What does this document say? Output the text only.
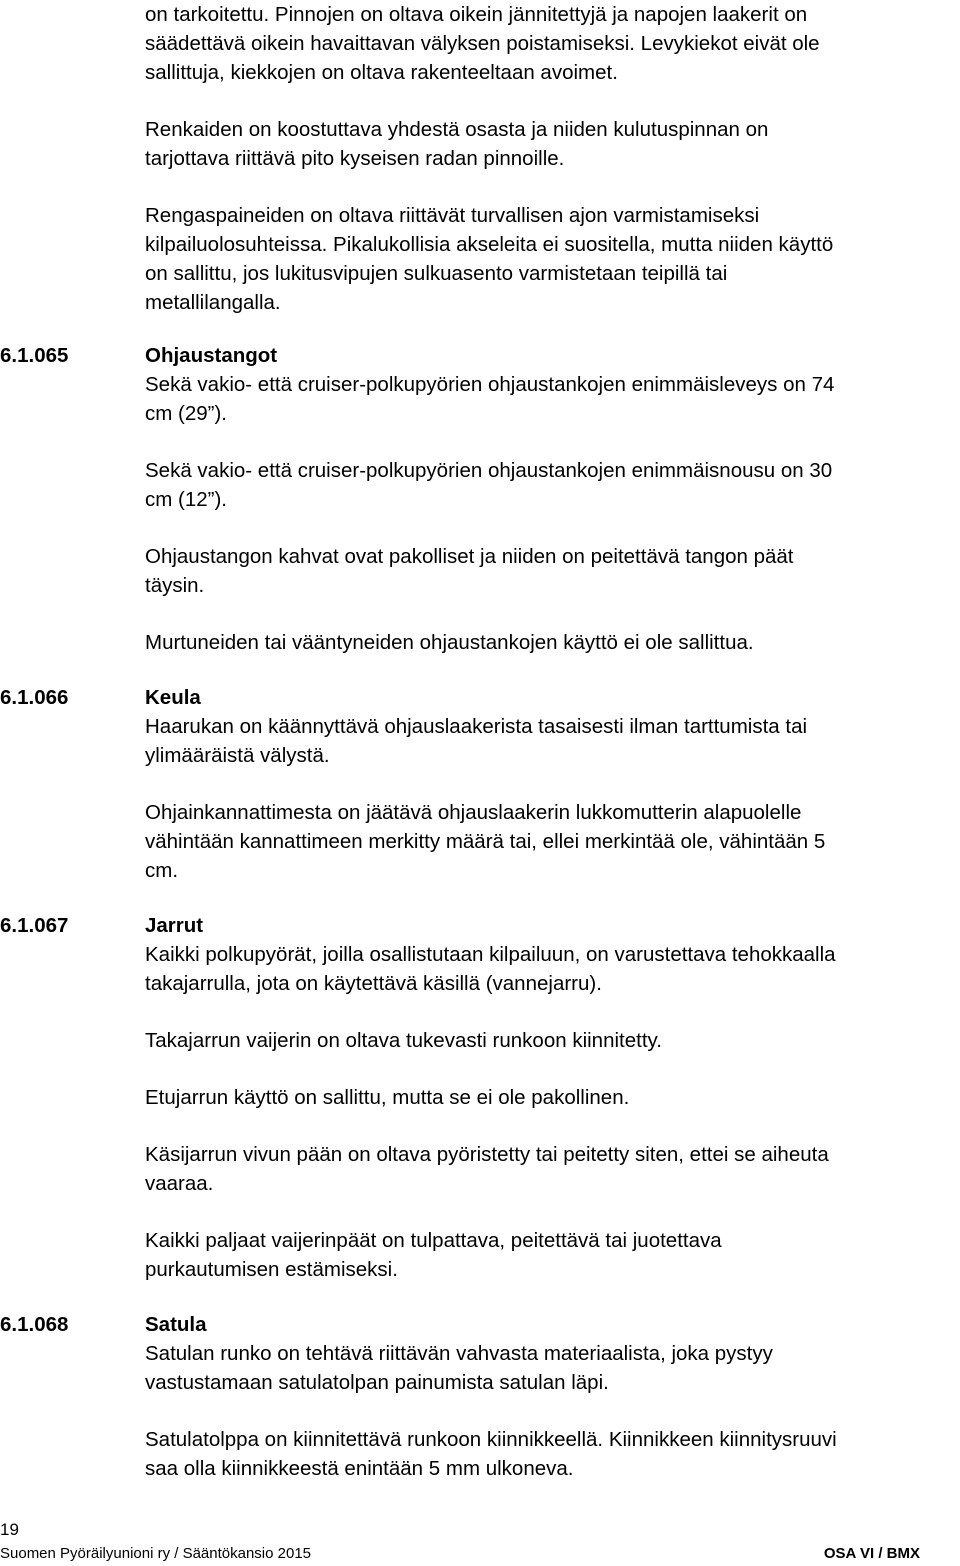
on tarkoitettu. Pinnojen on oltava oikein jännitettyjä ja napojen laakerit on
säädettävä oikein havaittavan välyksen poistamiseksi. Levykiekot eivät ole
sallittuja, kiekkojen on oltava rakenteeltaan avoimet.

Renkaiden on koostuttava yhdestä osasta ja niiden kulutuspinnan on
tarjottava riittävä pito kyseisen radan pinnoille.

Rengaspaineiden on oltava riittävät turvallisen ajon varmistamiseksi
kilpailuolosuhteissa. Pikalukollisia akseleita ei suositella, mutta niiden käyttö
on sallittu, jos lukitusvipujen sulkuasento varmistetaan teipillä tai
metallilangalla.

6.1.065	Ohjaustangot

Sekä vakio- että cruiser-polkupyörien ohjaustankojen enimmäisleveys on 74
cm (29”).

Sekä vakio- että cruiser-polkupyörien ohjaustankojen enimmäisnousu on 30
cm (12”).

Ohjaustangon kahvat ovat pakolliset ja niiden on peitettävä tangon päät
täysin.

Murtuneiden tai vääntyneiden ohjaustankojen käyttö ei ole sallittua.

6.1.066	Keula

Haarukan on käännyttävä ohjauslaakerista tasaisesti ilman tarttumista tai
ylimääräistä välystä.

Ohjainkannattimesta on jäätävä ohjauslaakerin lukkomutterin alapuolelle
vähintään kannattimeen merkitty määrä tai, ellei merkintää ole, vähintään 5
cm.

6.1.067	Jarrut

Kaikki polkupyörät, joilla osallistutaan kilpailuun, on varustettava tehokkaalla
takajarrulla, jota on käytettävä käsillä (vannejarru).

Takajarrun vaijerin on oltava tukevasti runkoon kiinnitetty.

Etujarrun käyttö on sallittu, mutta se ei ole pakollinen.

Käsijarrun vivun pään on oltava pyöristetty tai peitetty siten, ettei se aiheuta
vaaraa.

Kaikki paljaat vaijerinpäät on tulpattava, peitettävä tai juotettava
purkautumisen estämiseksi.

6.1.068	Satula

Satulan runko on tehtävä riittävän vahvasta materiaalista, joka pystyy
vastustamaan satulatolpan painumista satulan läpi.

Satulatolppa on kiinnitettävä runkoon kiinnikkeellä. Kiinnikkeen kiinnitysruuvi
saa olla kiinnikkeestä enintään 5 mm ulkoneva.

19
Suomen Pyöräilyunioni ry / Sääntökansio 2015	OSA VI / BMX
